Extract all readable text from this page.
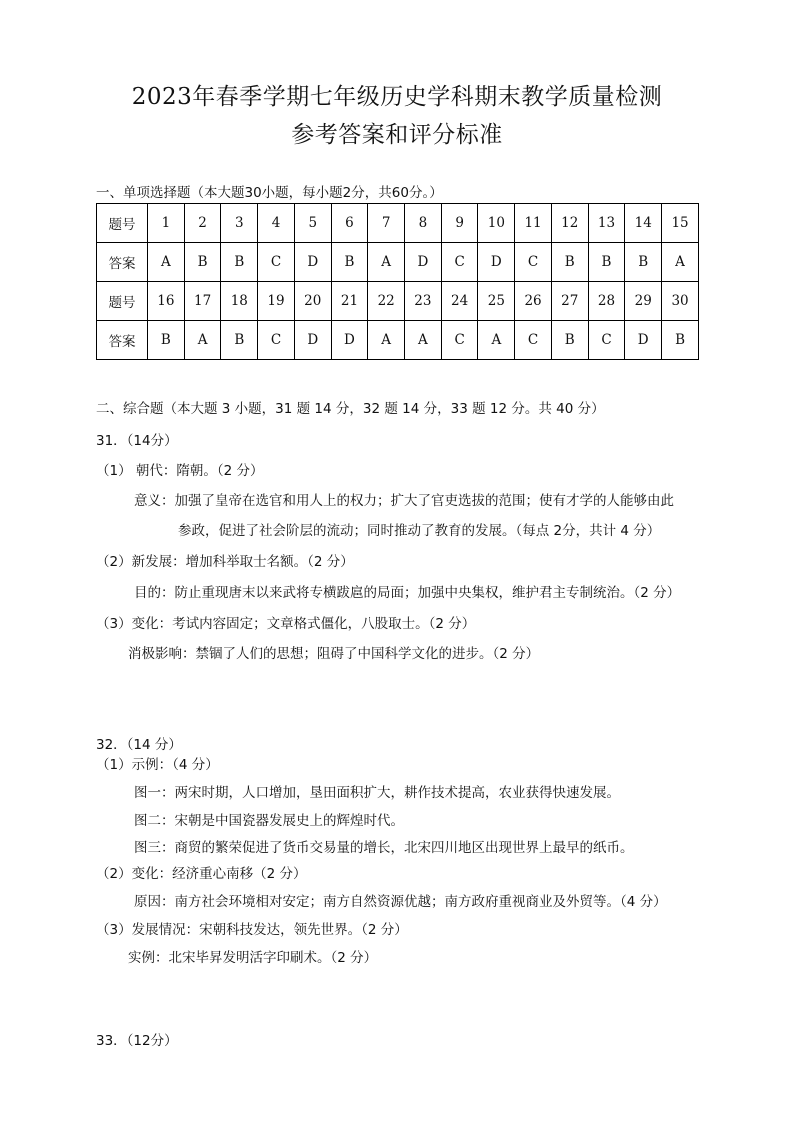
2023年春季学期七年级历史学科期末教学质量检测
参考答案和评分标准
一、单项选择题（本大题30小题，每小题2分，共60分。）
题号	1	2	3	4	5	6	7	8	9	10	11	12	13	14	15
答案	A	B	B	C	D	B	A	D	C	D	C	B	B	B	A
题号	16	17	18	19	20	21	22	23	24	25	26	27	28	29	30
答案	B	A	B	C	D	D	A	A	C	A	C	B	C	D	B
二、综合题（本大题 3 小题，31 题 14 分，32 题 14 分，33 题 12 分。共 40 分）
31．（14分）
（1） 朝代：隋朝。（2 分）
意义：加强了皇帝在选官和用人上的权力；扩大了官吏选拔的范围；使有才学的人能够由此
参政，促进了社会阶层的流动；同时推动了教育的发展。（每点 2分，共计 4 分）
（2）新发展：增加科举取士名额。（2 分）
目的：防止重现唐末以来武将专横跋扈的局面；加强中央集权，维护君主专制统治。（2 分）
（3）变化：考试内容固定；文章格式僵化，八股取士。（2 分）
消极影响：禁锢了人们的思想；阻碍了中国科学文化的进步。（2 分）
32．（14 分）
（1）示例：（4 分）
图一：两宋时期，人口增加，垦田面积扩大，耕作技术提高，农业获得快速发展。
图二：宋朝是中国瓷器发展史上的辉煌时代。
图三：商贸的繁荣促进了货币交易量的增长，北宋四川地区出现世界上最早的纸币。
（2）变化：经济重心南移（2 分）
原因：南方社会环境相对安定；南方自然资源优越；南方政府重视商业及外贸等。（4 分）
（3）发展情况：宋朝科技发达，领先世界。（2 分）
实例：北宋毕昇发明活字印刷术。（2 分）
33．（12分）
